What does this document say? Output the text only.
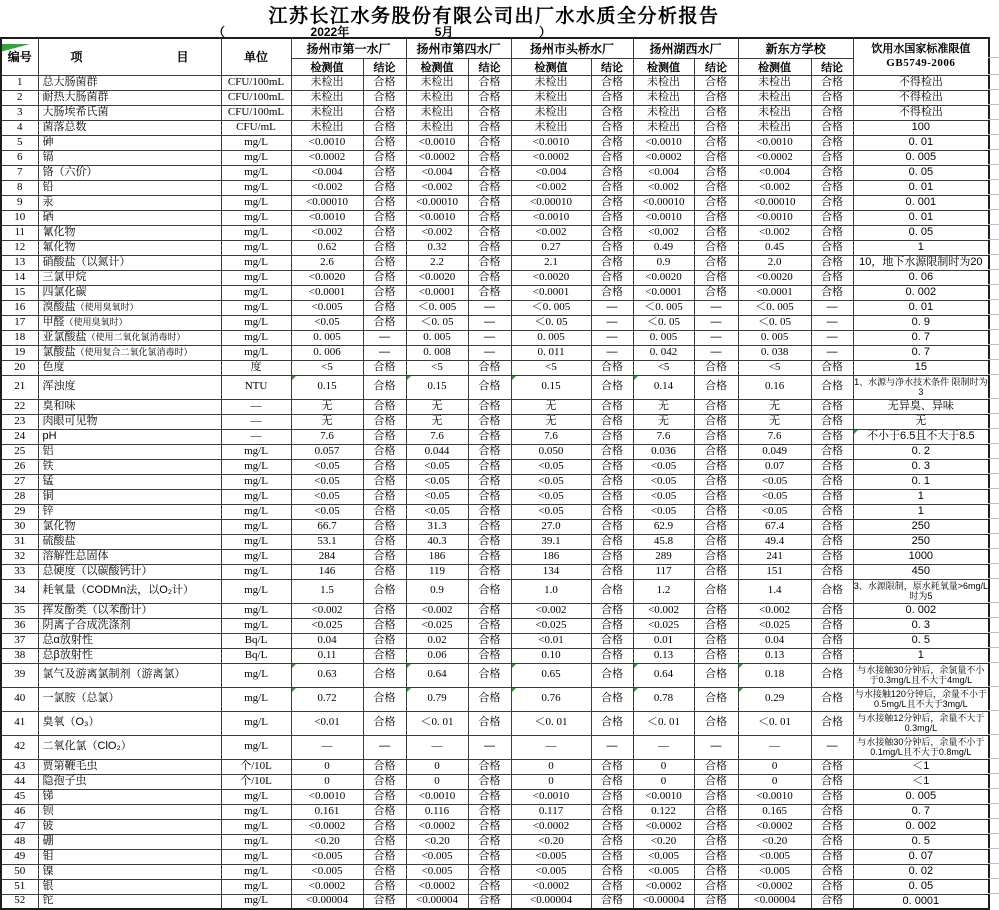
江苏长江水务股份有限公司出厂水水质全分析报告
（	2022年	5月	）
编号	项	目	单位	扬州市第一水厂	扬州市第四水厂	扬州市头桥水厂	扬州湖西水厂	新东方学校	饮用水国家标准限值
GB5749-2006

			检测值	结论	检测值	结论	检测值	结论	检测值	结论	检测值	结论	
1	总大肠菌群	CFU/100mL	未检出	合格	未检出	合格	未检出	合格	未检出	合格	未检出	合格	不得检出
2	耐热大肠菌群	CFU/100mL	未检出	合格	未检出	合格	未检出	合格	未检出	合格	未检出	合格	不得检出
3	大肠埃希氏菌	CFU/100mL	未检出	合格	未检出	合格	未检出	合格	未检出	合格	未检出	合格	不得检出
4	菌落总数	CFU/mL	未检出	合格	未检出	合格	未检出	合格	未检出	合格	未检出	合格	100
5	砷	mg/L	<0.0010	合格	<0.0010	合格	<0.0010	合格	<0.0010	合格	<0.0010	合格	0. 01
6	镉	mg/L	<0.0002	合格	<0.0002	合格	<0.0002	合格	<0.0002	合格	<0.0002	合格	0. 005
7	铬（六价）	mg/L	<0.004	合格	<0.004	合格	<0.004	合格	<0.004	合格	<0.004	合格	0. 05
8	铅	mg/L	<0.002	合格	<0.002	合格	<0.002	合格	<0.002	合格	<0.002	合格	0. 01
9	汞	mg/L	<0.00010	合格	<0.00010	合格	<0.00010	合格	<0.00010	合格	<0.00010	合格	0. 001
10	硒	mg/L	<0.0010	合格	<0.0010	合格	<0.0010	合格	<0.0010	合格	<0.0010	合格	0. 01
11	氰化物	mg/L	<0.002	合格	<0.002	合格	<0.002	合格	<0.002	合格	<0.002	合格	0. 05
12	氟化物	mg/L	0.62	合格	0.32	合格	0.27	合格	0.49	合格	0.45	合格	1
13	硝酸盐（以氮计）	mg/L	2.6	合格	2.2	合格	2.1	合格	0.9	合格	2.0	合格	10，地下水源限制时为20
14	三氯甲烷	mg/L	<0.0020	合格	<0.0020	合格	<0.0020	合格	<0.0020	合格	<0.0020	合格	0. 06
15	四氯化碳	mg/L	<0.0001	合格	<0.0001	合格	<0.0001	合格	<0.0001	合格	<0.0001	合格	0. 002
16	溴酸盐（使用臭氧时）	mg/L	<0.005	合格	＜0. 005	—	＜0. 005	—	＜0. 005	—	＜0. 005	—	0. 01
17	甲醛（使用臭氧时）	mg/L	<0.05	合格	＜0. 05	—	＜0. 05	—	＜0. 05	—	＜0. 05	—	0. 9
18	亚氯酸盐（使用二氧化氯消毒时）	mg/L	0. 005	—	0. 005	—	0. 005	—	0. 005	—	0. 005	—	0. 7
19	氯酸盐（使用复合二氧化氯消毒时）	mg/L	0. 006	—	0. 008	—	0. 011	—	0. 042	—	0. 038	—	0. 7
20	色度	度	<5	合格	<5	合格	<5	合格	<5	合格	<5	合格	15
21	浑浊度	NTU	0.15	合格	0.15	合格	0.15	合格	0.14	合格	0.16	合格	1、水源与净水技术条件 限制时为3
22	臭和味	—	无	合格	无	合格	无	合格	无	合格	无	合格	无异臭、异味
23	肉眼可见物	—	无	合格	无	合格	无	合格	无	合格	无	合格	无
24	pH	—	7.6	合格	7.6	合格	7.6	合格	7.6	合格	7.6	合格	不小于6.5且不大于8.5

25	铝	mg/L	0.057	合格	0.044	合格	0.050	合格	0.036	合格	0.049	合格	0. 2
26	铁	mg/L	<0.05	合格	<0.05	合格	<0.05	合格	<0.05	合格	0.07	合格	0. 3
27	锰	mg/L	<0.05	合格	<0.05	合格	<0.05	合格	<0.05	合格	<0.05	合格	0. 1
28	铜	mg/L	<0.05	合格	<0.05	合格	<0.05	合格	<0.05	合格	<0.05	合格	1
29	锌	mg/L	<0.05	合格	<0.05	合格	<0.05	合格	<0.05	合格	<0.05	合格	1
30	氯化物	mg/L	66.7	合格	31.3	合格	27.0	合格	62.9	合格	67.4	合格	250
31	硫酸盐	mg/L	53.1	合格	40.3	合格	39.1	合格	45.8	合格	49.4	合格	250
32	溶解性总固体	mg/L	284	合格	186	合格	186	合格	289	合格	241	合格	1000
33	总硬度（以碳酸钙计）	mg/L	146	合格	119	合格	134	合格	117	合格	151	合格	450
34	耗氧量（CODMn法，以O₂计）	mg/L	1.5	合格	0.9	合格	1.0	合格	1.2	合格	1.4	合格	3、水源限制，原水耗氧量>6mg/L 时为5
35	挥发酚类（以苯酚计）	mg/L	<0.002	合格	<0.002	合格	<0.002	合格	<0.002	合格	<0.002	合格	0. 002
36	阴离子合成洗涤剂	mg/L	<0.025	合格	<0.025	合格	<0.025	合格	<0.025	合格	<0.025	合格	0. 3
37	总α放射性	Bq/L	0.04	合格	0.02	合格	<0.01	合格	0.01	合格	0.04	合格	0. 5
38	总β放射性	Bq/L	0.11	合格	0.06	合格	0.10	合格	0.13	合格	0.13	合格	1
39	氯气及游离氯制剂（游离氯）	mg/L	0.63	合格	0.64	合格	0.65	合格	0.64	合格	0.18	合格	与水接触30分钟后，余氯量不小于0.3mg/L且不大于4mg/L
40	一氯胺（总氯）	mg/L	0.72	合格	0.79	合格	0.76	合格	0.78	合格	0.29	合格	与水接触120分钟后，余量不小于0.5mg/L且不大于3mg/L
41	臭氧（O₃）	mg/L	<0.01	合格	＜0. 01	合格	＜0. 01	合格	＜0. 01	合格	＜0. 01	合格	与水接触12分钟后，余量不大于0.3mg/L
42	二氧化氯（ClO₂）	mg/L	—	—	—	—	—	—	—	—	—	—	与水接触30分钟后，余量不小于0.1mg/L且不大于0.8mg/L
43	贾第鞭毛虫	个/10L	0	合格	0	合格	0	合格	0	合格	0	合格	＜1
44	隐孢子虫	个/10L	0	合格	0	合格	0	合格	0	合格	0	合格	＜1
45	锑	mg/L	<0.0010	合格	<0.0010	合格	<0.0010	合格	<0.0010	合格	<0.0010	合格	0. 005
46	钡	mg/L	0.161	合格	0.116	合格	0.117	合格	0.122	合格	0.165	合格	0. 7
47	铍	mg/L	<0.0002	合格	<0.0002	合格	<0.0002	合格	<0.0002	合格	<0.0002	合格	0. 002
48	硼	mg/L	<0.20	合格	<0.20	合格	<0.20	合格	<0.20	合格	<0.20	合格	0. 5
49	钼	mg/L	<0.005	合格	<0.005	合格	<0.005	合格	<0.005	合格	<0.005	合格	0. 07
50	镍	mg/L	<0.005	合格	<0.005	合格	<0.005	合格	<0.005	合格	<0.005	合格	0. 02
51	银	mg/L	<0.0002	合格	<0.0002	合格	<0.0002	合格	<0.0002	合格	<0.0002	合格	0. 05
52	铊	mg/L	<0.00004	合格	<0.00004	合格	<0.00004	合格	<0.00004	合格	<0.00004	合格	0. 0001
